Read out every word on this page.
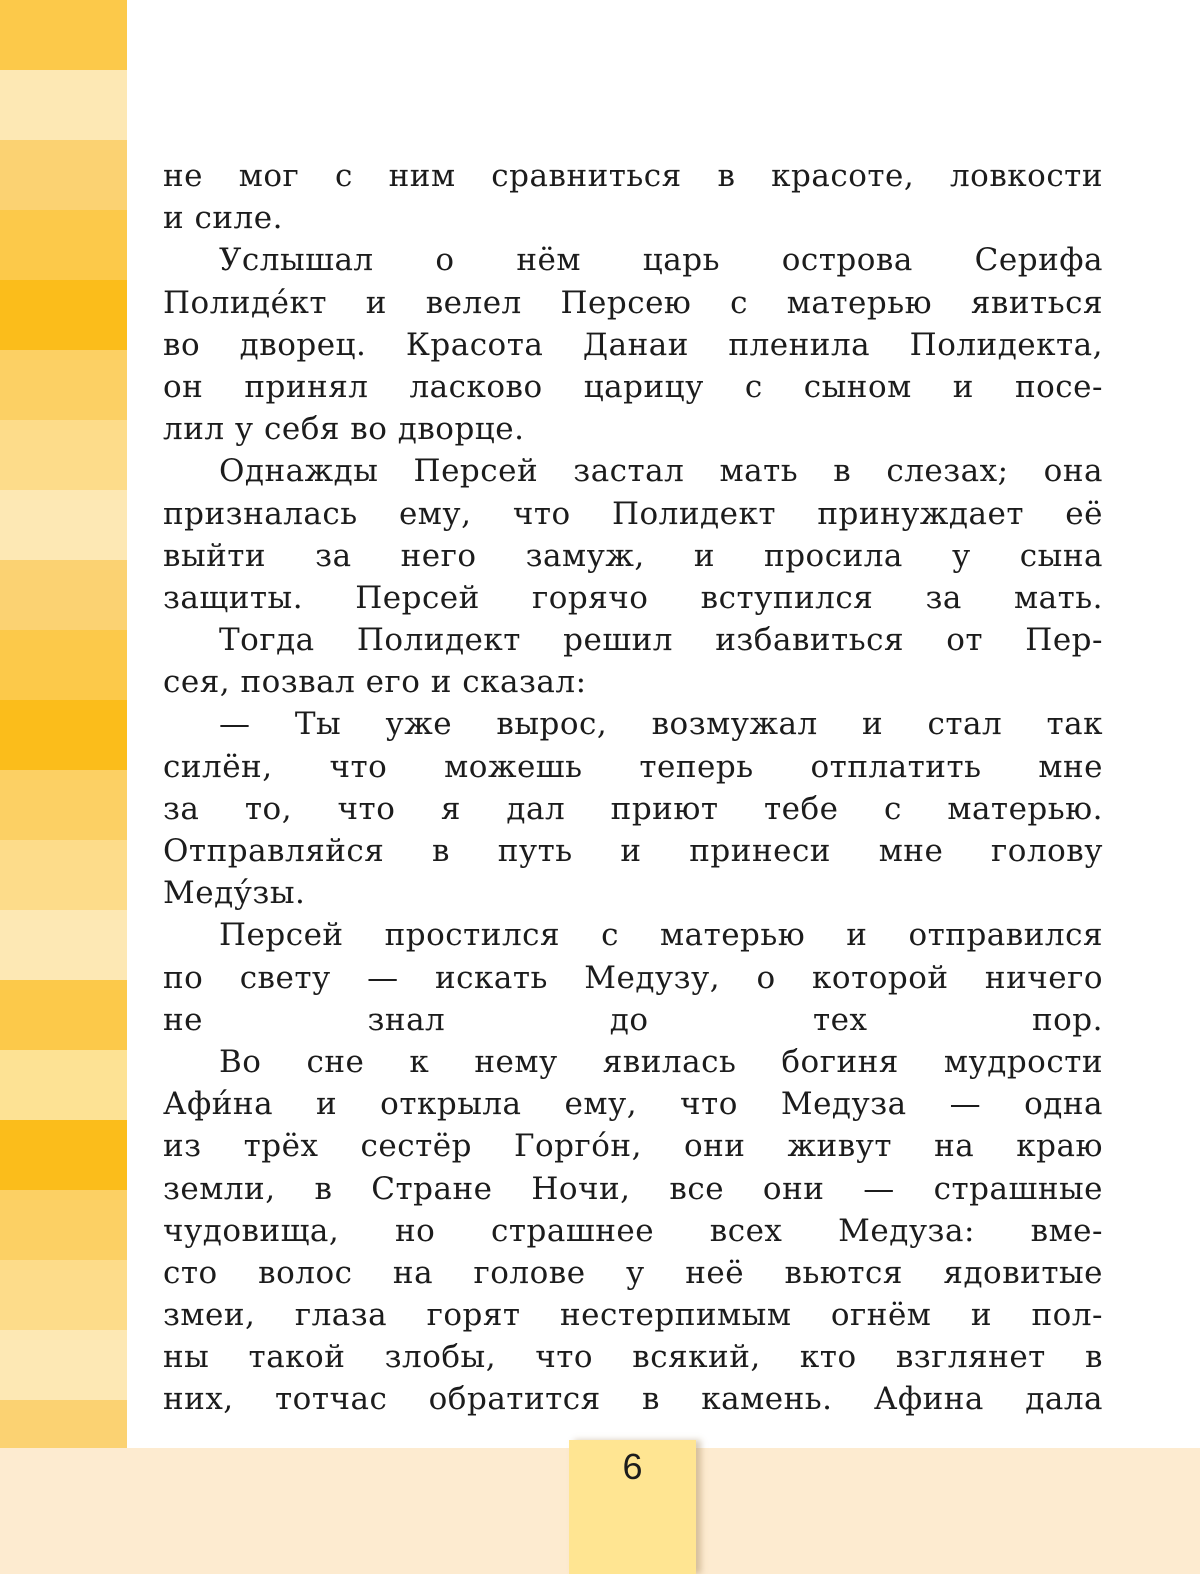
не мог с ним сравниться в красоте, ловкости
и силе.
Услышал о нём царь острова Серифа
Полиде́кт и велел Персею с матерью явиться
во дворец. Красота Данаи пленила Полидекта,
он принял ласково царицу с сыном и посе-
лил у себя во дворце.
Однажды Персей застал мать в слезах; она
призналась ему, что Полидект принуждает её
выйти за него замуж, и просила у сына
защиты. Персей горячо вступился за мать.
Тогда Полидект решил избавиться от Пер-
сея, позвал его и сказал:
— Ты уже вырос, возмужал и стал так
силён, что можешь теперь отплатить мне
за то, что я дал приют тебе с матерью.
Отправляйся в путь и принеси мне голову
Меду́зы.
Персей простился с матерью и отправился
по свету — искать Медузу, о которой ничего
не знал до тех пор.
Во сне к нему явилась богиня мудрости
Афи́на и открыла ему, что Медуза — одна
из трёх сестёр Горго́н, они живут на краю
земли, в Стране Ночи, все они — страшные
чудовища, но страшнее всех Медуза: вме-
сто волос на голове у неё вьются ядовитые
змеи, глаза горят нестерпимым огнём и пол-
ны такой злобы, что всякий, кто взглянет в
них, тотчас обратится в камень. Афина дала
6
